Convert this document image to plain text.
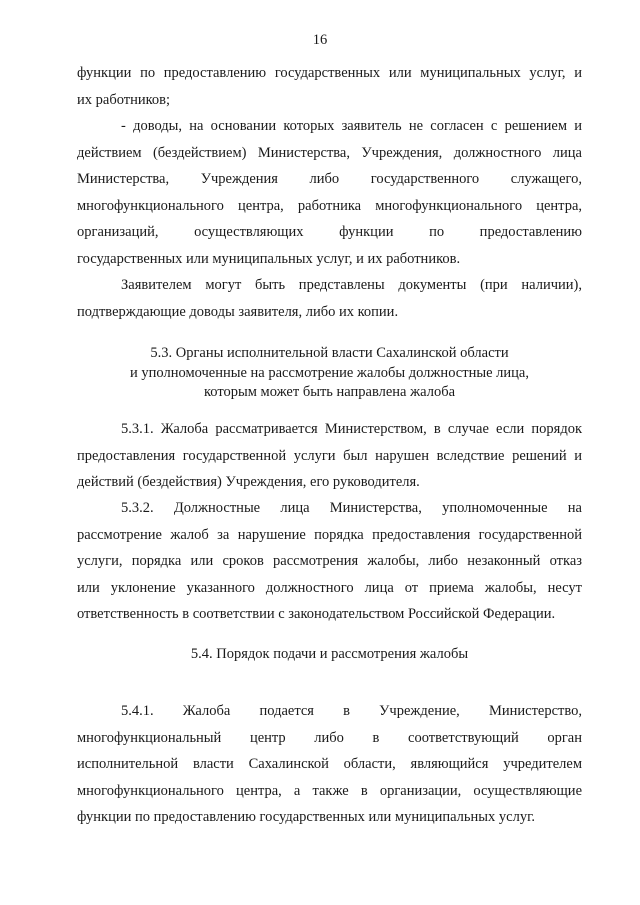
16

функции по предоставлению государственных или муниципальных услуг, и

их работников;

- доводы, на основании которых заявитель не согласен с решением и

действием (бездействием) Министерства, Учреждения, должностного лица

Министерства, Учреждения либо государственного служащего,

многофункционального центра, работника многофункционального центра,

организаций, осуществляющих функции по предоставлению

государственных или муниципальных услуг, и их работников.

Заявителем могут быть представлены документы (при наличии),

подтверждающие доводы заявителя, либо их копии.

5.3. Органы исполнительной власти Сахалинской области
и уполномоченные на рассмотрение жалобы должностные лица,
которым может быть направлена жалоба

5.3.1. Жалоба рассматривается Министерством, в случае если порядок

предоставления государственной услуги был нарушен вследствие решений и

действий (бездействия) Учреждения, его руководителя.

5.3.2. Должностные лица Министерства, уполномоченные на

рассмотрение жалоб за нарушение порядка предоставления государственной

услуги, порядка или сроков рассмотрения жалобы, либо незаконный отказ

или уклонение указанного должностного лица от приема жалобы, несут

ответственность в соответствии с законодательством Российской Федерации.

5.4. Порядок подачи и рассмотрения жалобы

5.4.1. Жалоба подается в Учреждение, Министерство,

многофункциональный центр либо в соответствующий орган

исполнительной власти Сахалинской области, являющийся учредителем

многофункционального центра, а также в организации, осуществляющие

функции по предоставлению государственных или муниципальных услуг.
